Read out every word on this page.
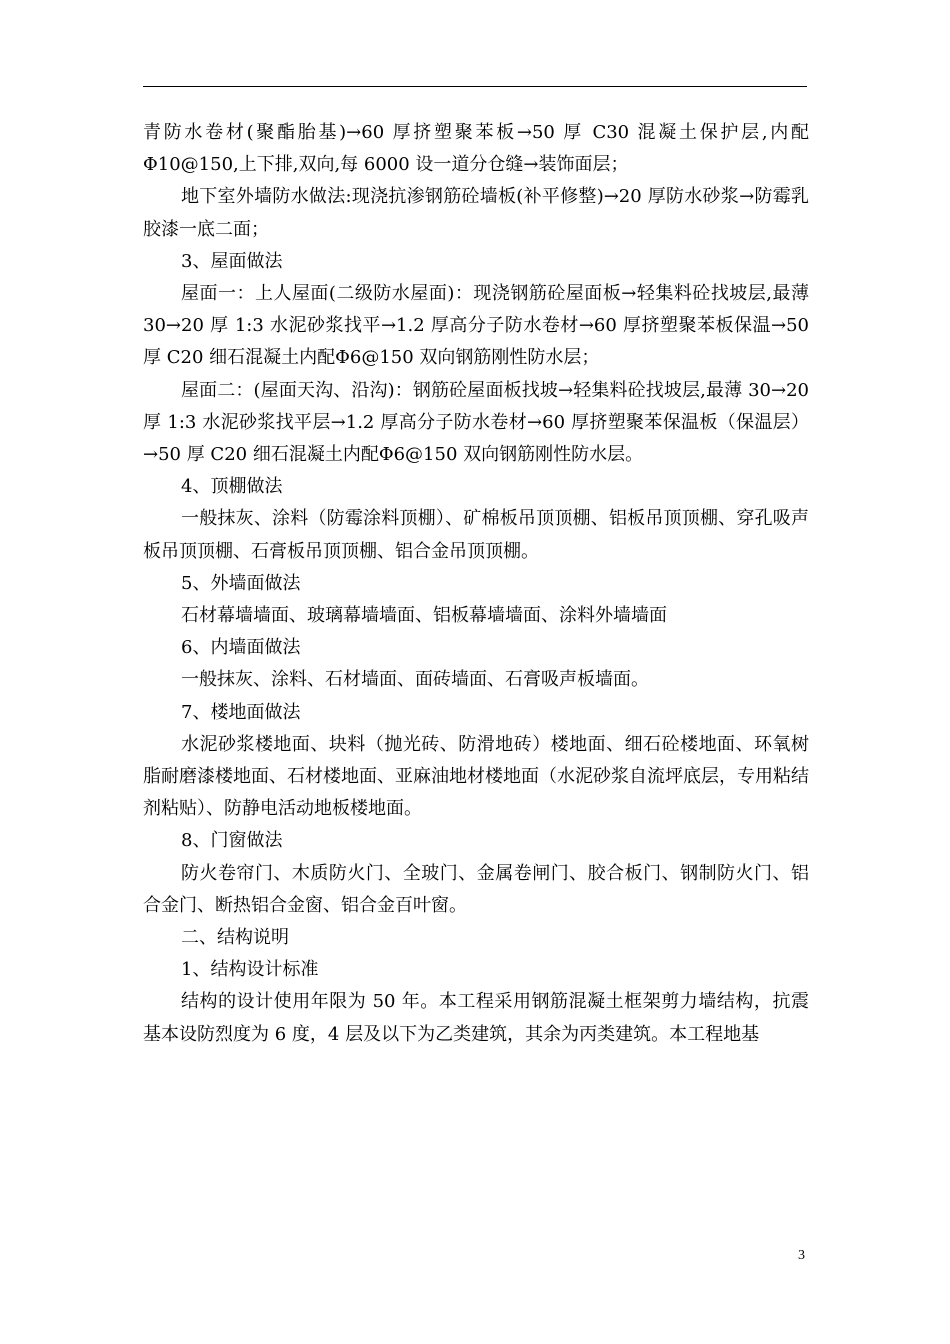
青防水卷材(聚酯胎基)→60 厚挤塑聚苯板→50 厚 C30 混凝土保护层,内配Φ10@150,上下排,双向,每 6000 设一道分仓缝→装饰面层；

地下室外墙防水做法:现浇抗渗钢筋砼墙板(补平修整)→20 厚防水砂浆→防霉乳胶漆一底二面；

3、屋面做法

屋面一：上人屋面(二级防水屋面)：现浇钢筋砼屋面板→轻集料砼找坡层,最薄 30→20 厚 1:3 水泥砂浆找平→1.2 厚高分子防水卷材→60 厚挤塑聚苯板保温→50 厚 C20 细石混凝土内配Φ6@150 双向钢筋刚性防水层；

屋面二：(屋面天沟、沿沟)：钢筋砼屋面板找坡→轻集料砼找坡层,最薄 30→20 厚 1:3 水泥砂浆找平层→1.2 厚高分子防水卷材→60 厚挤塑聚苯保温板（保温层）→50 厚 C20 细石混凝土内配Φ6@150 双向钢筋刚性防水层。

4、顶棚做法

一般抹灰、涂料（防霉涂料顶棚）、矿棉板吊顶顶棚、铝板吊顶顶棚、穿孔吸声板吊顶顶棚、石膏板吊顶顶棚、铝合金吊顶顶棚。

5、外墙面做法

石材幕墙墙面、玻璃幕墙墙面、铝板幕墙墙面、涂料外墙墙面

6、内墙面做法

一般抹灰、涂料、石材墙面、面砖墙面、石膏吸声板墙面。

7、楼地面做法

水泥砂浆楼地面、块料（抛光砖、防滑地砖）楼地面、细石砼楼地面、环氧树脂耐磨漆楼地面、石材楼地面、亚麻油地材楼地面（水泥砂浆自流坪底层，专用粘结剂粘贴）、防静电活动地板楼地面。

8、门窗做法

防火卷帘门、木质防火门、全玻门、金属卷闸门、胶合板门、钢制防火门、铝合金门、断热铝合金窗、铝合金百叶窗。

二、结构说明

1、结构设计标准

结构的设计使用年限为 50 年。本工程采用钢筋混凝土框架剪力墙结构，抗震基本设防烈度为 6 度，4 层及以下为乙类建筑，其余为丙类建筑。本工程地基

3
